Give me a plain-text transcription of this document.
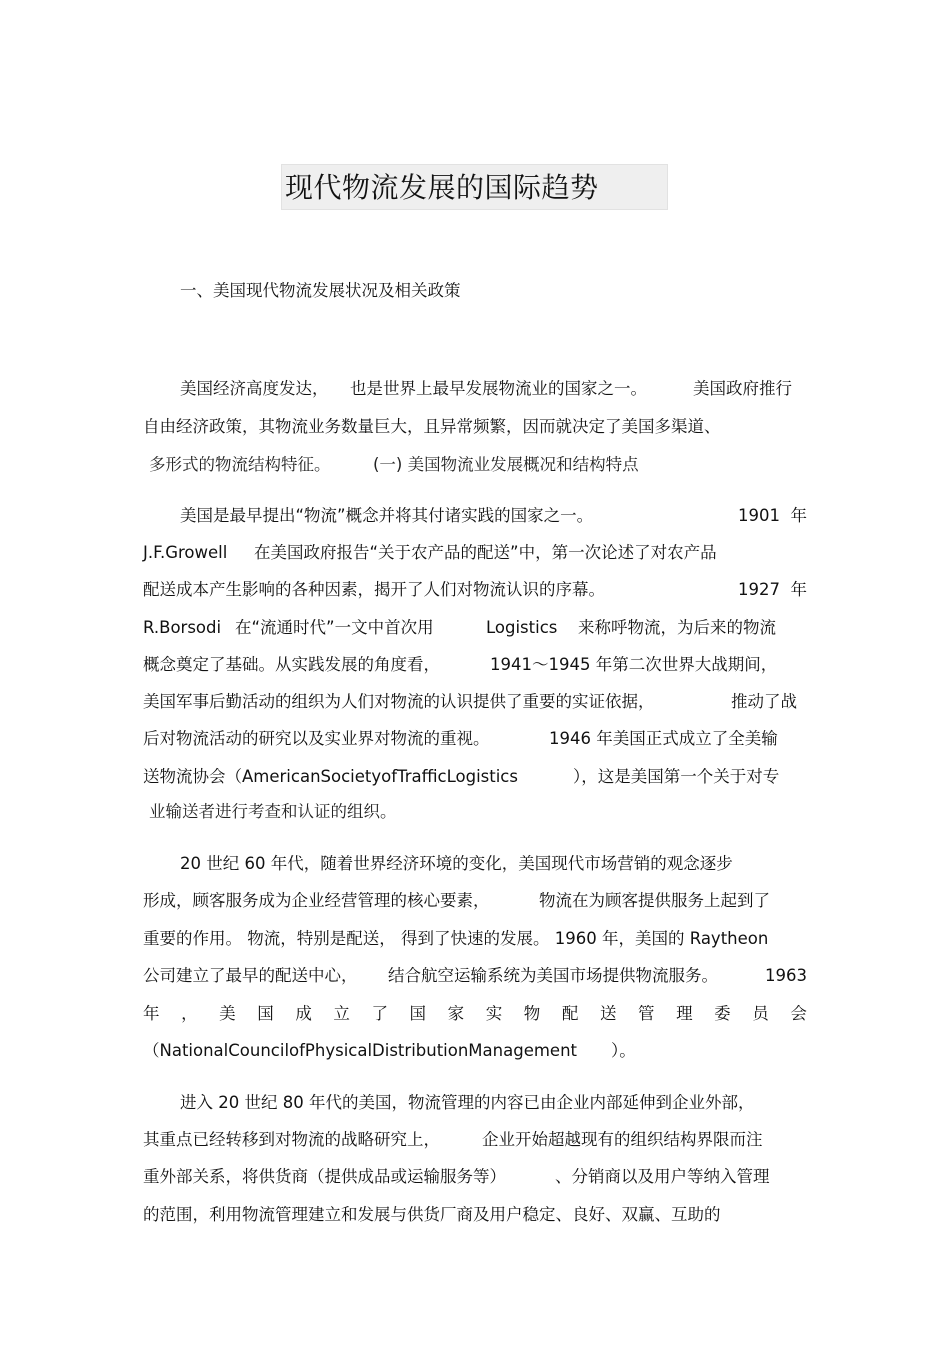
现代物流发展的国际趋势
一、美国现代物流发展状况及相关政策
美国经济高度发达， 也是世界上最早发展物流业的国家之一。	美国政府推行
自由经济政策，其物流业务数量巨大，且异常频繁，因而就决定了美国多渠道、
多形式的物流结构特征。	(一) 美国物流业发展概况和结构特点
美国是最早提出“物流”概念并将其付诸实践的国家之一。	1901  年
J.F.Growell 在美国政府报告“关于农产品的配送”中，第一次论述了对农产品
配送成本产生影响的各种因素，揭开了人们对物流认识的序幕。	1927  年
R.Borsodi 在“流通时代”一文中首次用	Logistics 来称呼物流，为后来的物流
概念奠定了基础。从实践发展的角度看，	1941～1945 年第二次世界大战期间，
美国军事后勤活动的组织为人们对物流的认识提供了重要的实证依据，	推动了战
后对物流活动的研究以及实业界对物流的重视。	1946 年美国正式成立了全美输
送物流协会（AmericanSocietyofTrafficLogistics	），这是美国第一个关于对专
业输送者进行考查和认证的组织。
20 世纪 60 年代，随着世界经济环境的变化，美国现代市场营销的观念逐步
形成，顾客服务成为企业经营管理的核心要素，	物流在为顾客提供服务上起到了
重要的作用。 物流，特别是配送， 得到了快速的发展。 1960 年，美国的 Raytheon
公司建立了最早的配送中心， 结合航空运输系统为美国市场提供物流服务。	1963
年 ， 美 国 成 立 了 国 家 实 物 配 送 管 理 委 员 会
（NationalCouncilofPhysicalDistributionManagement ）。
进入 20 世纪 80 年代的美国，物流管理的内容已由企业内部延伸到企业外部，
其重点已经转移到对物流的战略研究上，	企业开始超越现有的组织结构界限而注
重外部关系，将供货商（提供成品或运输服务等）	、分销商以及用户等纳入管理
的范围，利用物流管理建立和发展与供货厂商及用户稳定、良好、双赢、互助的
